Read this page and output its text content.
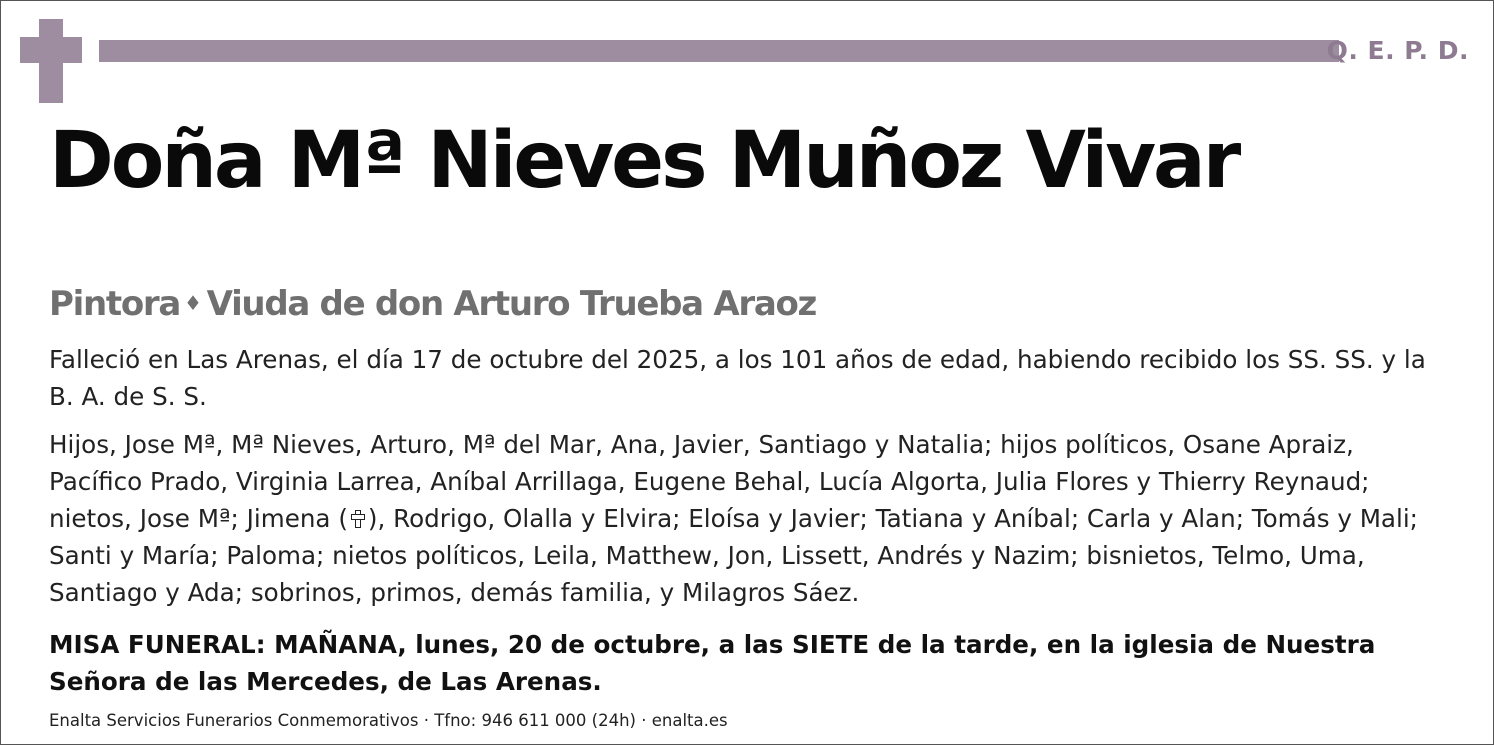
Q. E. P. D.
Doña Mª Nieves Muñoz Vivar
Pintora ♦ Viuda de don Arturo Trueba Araoz
Falleció en Las Arenas, el día 17 de octubre del 2025, a los 101 años de edad, habiendo recibido los SS. SS. y la B. A. de S. S.
Hijos, Jose Mª, Mª Nieves, Arturo, Mª del Mar, Ana, Javier, Santiago y Natalia; hijos políticos, Osane Apraiz, Pacífico Prado, Virginia Larrea, Aníbal Arrillaga, Eugene Behal, Lucía Algorta, Julia Flores y Thierry Reynaud; nietos, Jose Mª; Jimena ( ), Rodrigo, Olalla y Elvira; Eloísa y Javier; Tatiana y Aníbal; Carla y Alan; Tomás y Mali; Santi y María; Paloma; nietos políticos, Leila, Matthew, Jon, Lissett, Andrés y Nazim; bisnietos, Telmo, Uma, Santiago y Ada; sobrinos, primos, demás familia, y Milagros Sáez.
MISA FUNERAL: MAÑANA, lunes, 20 de octubre, a las SIETE de la tarde, en la iglesia de Nuestra Señora de las Mercedes, de Las Arenas.
Enalta Servicios Funerarios Conmemorativos · Tfno: 946 611 000 (24h) · enalta.es
